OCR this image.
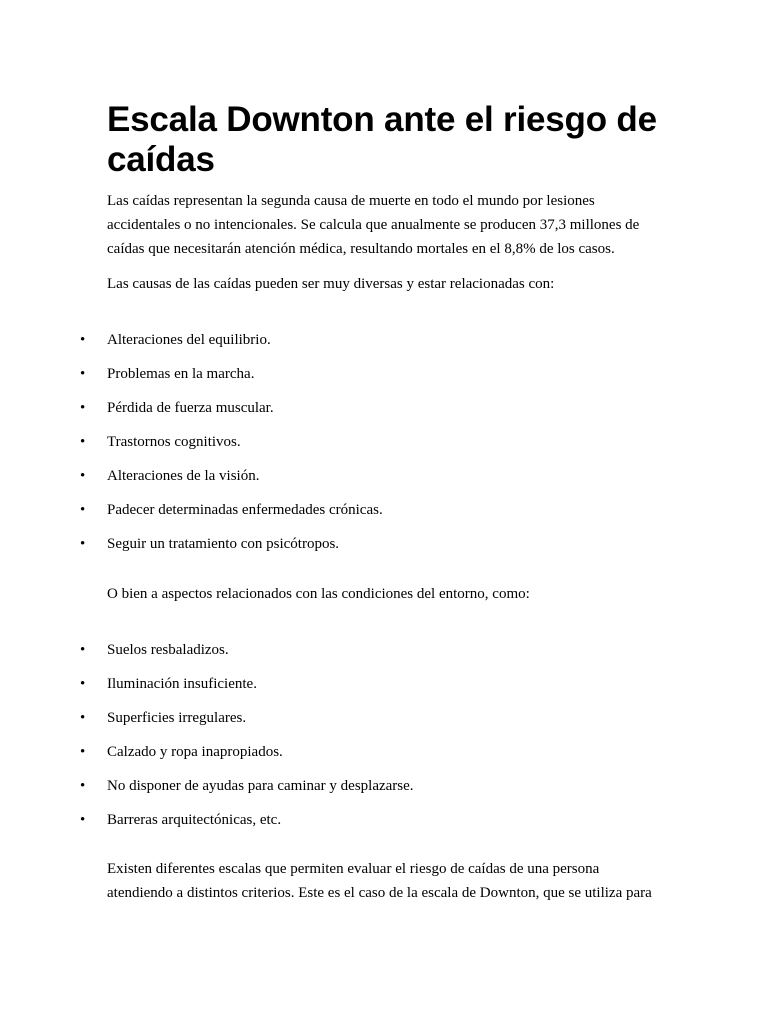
Escala Downton ante el riesgo de caídas

Las caídas representan la segunda causa de muerte en todo el mundo por lesiones accidentales o no intencionales. Se calcula que anualmente se producen 37,3 millones de caídas que necesitarán atención médica, resultando mortales en el 8,8% de los casos.

Las causas de las caídas pueden ser muy diversas y estar relacionadas con:

•	Alteraciones del equilibrio.
•	Problemas en la marcha.
•	Pérdida de fuerza muscular.
•	Trastornos cognitivos.
•	Alteraciones de la visión.
•	Padecer determinadas enfermedades crónicas.
•	Seguir un tratamiento con psicótropos.

O bien a aspectos relacionados con las condiciones del entorno, como:

•	Suelos resbaladizos.
•	Iluminación insuficiente.
•	Superficies irregulares.
•	Calzado y ropa inapropiados.
•	No disponer de ayudas para caminar y desplazarse.
•	Barreras arquitectónicas, etc.

Existen diferentes escalas que permiten evaluar el riesgo de caídas de una persona atendiendo a distintos criterios. Este es el caso de la escala de Downton, que se utiliza para
